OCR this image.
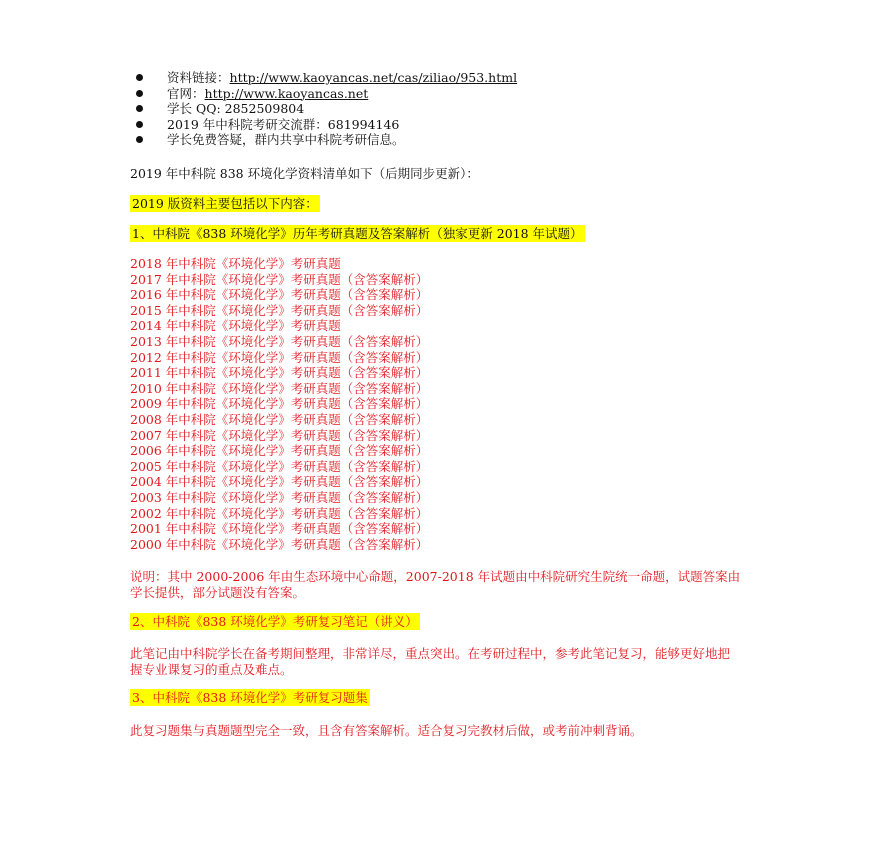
资料链接： http://www.kaoyancas.net/cas/ziliao/953.html
官网： http://www.kaoyancas.net
学长 QQ: 2852509804
2019 年中科院考研交流群：681994146
学长免费答疑，群内共享中科院考研信息。
2019 年中科院 838 环境化学资料清单如下（后期同步更新）：
2019 版资料主要包括以下内容：
1、中科院《838 环境化学》历年考研真题及答案解析（独家更新 2018 年试题）
2018 年中科院《环境化学》考研真题
2017 年中科院《环境化学》考研真题（含答案解析）
2016 年中科院《环境化学》考研真题（含答案解析）
2015 年中科院《环境化学》考研真题（含答案解析）
2014 年中科院《环境化学》考研真题
2013 年中科院《环境化学》考研真题（含答案解析）
2012 年中科院《环境化学》考研真题（含答案解析）
2011 年中科院《环境化学》考研真题（含答案解析）
2010 年中科院《环境化学》考研真题（含答案解析）
2009 年中科院《环境化学》考研真题（含答案解析）
2008 年中科院《环境化学》考研真题（含答案解析）
2007 年中科院《环境化学》考研真题（含答案解析）
2006 年中科院《环境化学》考研真题（含答案解析）
2005 年中科院《环境化学》考研真题（含答案解析）
2004 年中科院《环境化学》考研真题（含答案解析）
2003 年中科院《环境化学》考研真题（含答案解析）
2002 年中科院《环境化学》考研真题（含答案解析）
2001 年中科院《环境化学》考研真题（含答案解析）
2000 年中科院《环境化学》考研真题（含答案解析）
说明：其中 2000-2006 年由生态环境中心命题，2007-2018 年试题由中科院研究生院统一命题，试题答案由学长提供，部分试题没有答案。
2、中科院《838 环境化学》考研复习笔记（讲义）
此笔记由中科院学长在备考期间整理，非常详尽，重点突出。在考研过程中，参考此笔记复习，能够更好地把握专业课复习的重点及难点。
3、中科院《838 环境化学》考研复习题集
此复习题集与真题题型完全一致，且含有答案解析。适合复习完教材后做，或考前冲刺背诵。
